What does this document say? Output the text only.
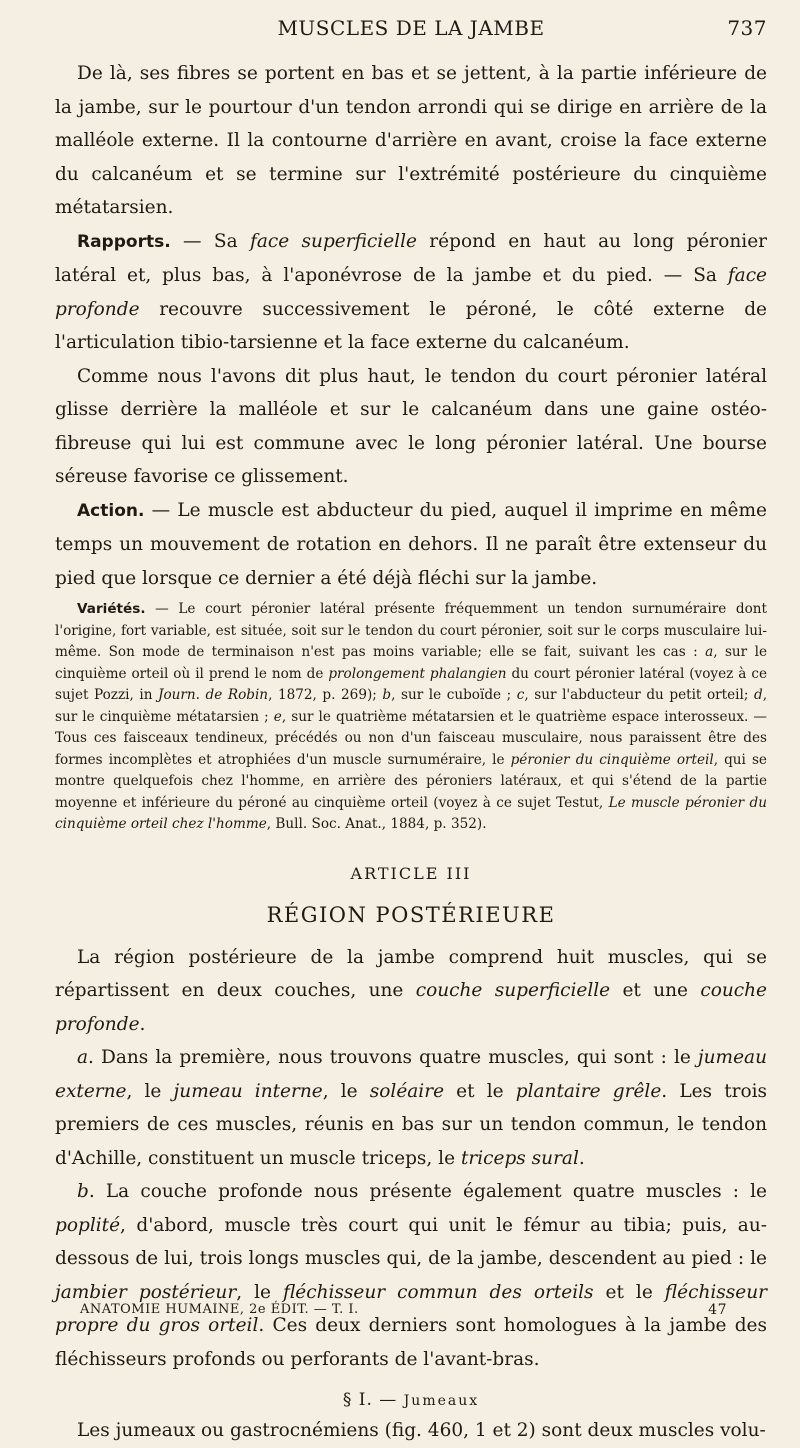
MUSCLES DE LA JAMBE	737

De là, ses fibres se portent en bas et se jettent, à la partie inférieure de la jambe, sur le pourtour d'un tendon arrondi qui se dirige en arrière de la malléole externe. Il la contourne d'arrière en avant, croise la face externe du calcanéum et se termine sur l'extrémité postérieure du cinquième métatarsien.

Rapports. — Sa face superficielle répond en haut au long péronier latéral et, plus bas, à l'aponévrose de la jambe et du pied. — Sa face profonde recouvre successivement le péroné, le côté externe de l'articulation tibio-tarsienne et la face externe du calcanéum.

Comme nous l'avons dit plus haut, le tendon du court péronier latéral glisse derrière la malléole et sur le calcanéum dans une gaine ostéo-fibreuse qui lui est commune avec le long péronier latéral. Une bourse séreuse favorise ce glissement.

Action. — Le muscle est abducteur du pied, auquel il imprime en même temps un mouvement de rotation en dehors. Il ne paraît être extenseur du pied que lorsque ce dernier a été déjà fléchi sur la jambe.

Variétés. — Le court péronier latéral présente fréquemment un tendon surnuméraire dont l'origine, fort variable, est située, soit sur le tendon du court péronier, soit sur le corps musculaire lui-même. Son mode de terminaison n'est pas moins variable; elle se fait, suivant les cas : a, sur le cinquième orteil où il prend le nom de prolongement phalangien du court péronier latéral (voyez à ce sujet Pozzi, in Journ. de Robin, 1872, p. 269); b, sur le cuboïde ; c, sur l'abducteur du petit orteil; d, sur le cinquième métatarsien ; e, sur le quatrième métatarsien et le quatrième espace interosseux. — Tous ces faisceaux tendineux, précédés ou non d'un faisceau musculaire, nous paraissent être des formes incomplètes et atrophiées d'un muscle surnuméraire, le péronier du cinquième orteil, qui se montre quelquefois chez l'homme, en arrière des péroniers latéraux, et qui s'étend de la partie moyenne et inférieure du péroné au cinquième orteil (voyez à ce sujet Testut, Le muscle péronier du cinquième orteil chez l'homme, Bull. Soc. Anat., 1884, p. 352).

ARTICLE III
RÉGION POSTÉRIEURE

La région postérieure de la jambe comprend huit muscles, qui se répartissent en deux couches, une couche superficielle et une couche profonde.

a. Dans la première, nous trouvons quatre muscles, qui sont : le jumeau externe, le jumeau interne, le soléaire et le plantaire grêle. Les trois premiers de ces muscles, réunis en bas sur un tendon commun, le tendon d'Achille, constituent un muscle triceps, le triceps sural.

b. La couche profonde nous présente également quatre muscles : le poplité, d'abord, muscle très court qui unit le fémur au tibia; puis, au-dessous de lui, trois longs muscles qui, de la jambe, descendent au pied : le jambier postérieur, le fléchisseur commun des orteils et le fléchisseur propre du gros orteil. Ces deux derniers sont homologues à la jambe des fléchisseurs profonds ou perforants de l'avant-bras.

§ I. — Jumeaux

Les jumeaux ou gastrocnémiens (fig. 460, 1 et 2) sont deux muscles volu-

ANATOMIE HUMAINE, 2e ÉDIT. — T. I.	47
